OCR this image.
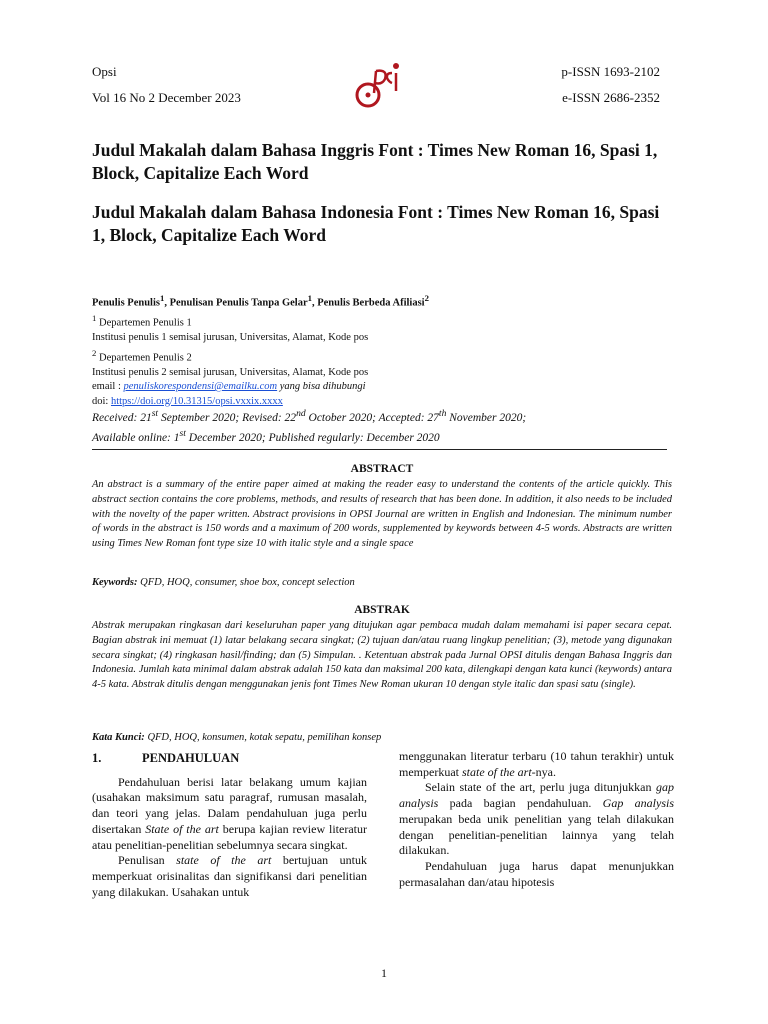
Opsi
Vol 16 No 2 December 2023
p-ISSN 1693-2102
e-ISSN 2686-2352
Judul Makalah dalam Bahasa Inggris Font : Times New Roman 16, Spasi 1, Block, Capitalize Each Word
Judul Makalah dalam Bahasa Indonesia Font : Times New Roman 16, Spasi 1, Block, Capitalize Each Word
Penulis Penulis$^1$, Penulisan Penulis Tanpa Gelar$^1$, Penulis Berbeda Afiliasi$^2$
$^1$ Departemen Penulis 1
Institusi penulis 1 semisal jurusan, Universitas, Alamat, Kode pos
$^2$ Departemen Penulis 2
Institusi penulis 2 semisal jurusan, Universitas, Alamat, Kode pos
email : penuliskorespondensi@emailku.com yang bisa dihubungi
doi: https://doi.org/10.31315/opsi.vxxix.xxxx
Received: 21st September 2020; Revised: 22nd October 2020; Accepted: 27th November 2020;
Available online: 1st December 2020; Published regularly: December 2020
ABSTRACT
An abstract is a summary of the entire paper aimed at making the reader easy to understand the contents of the article quickly. This abstract section contains the core problems, methods, and results of research that has been done. In addition, it also needs to be included with the novelty of the paper written. Abstract provisions in OPSI Journal are written in English and Indonesian. The minimum number of words in the abstract is 150 words and a maximum of 200 words, supplemented by keywords between 4-5 words. Abstracts are written using Times New Roman font type size 10 with italic style and a single space
Keywords: QFD, HOQ, consumer, shoe box, concept selection
ABSTRAK
Abstrak merupakan ringkasan dari keseluruhan paper yang ditujukan agar pembaca mudah dalam memahami isi paper secara cepat. Bagian abstrak ini memuat (1) latar belakang secara singkat; (2) tujuan dan/atau ruang lingkup penelitian; (3), metode yang digunakan secara singkat; (4) ringkasan hasil/finding; dan (5) Simpulan. . Ketentuan abstrak pada Jurnal OPSI ditulis dengan Bahasa Inggris dan Indonesia. Jumlah kata minimal dalam abstrak adalah 150 kata dan maksimal 200 kata, dilengkapi dengan kata kunci (keywords) antara 4-5 kata. Abstrak ditulis dengan menggunakan jenis font Times New Roman ukuran 10 dengan style italic dan spasi satu (single).
Kata Kunci: QFD, HOQ, konsumen, kotak sepatu, pemilihan konsep
1.	PENDAHULUAN

Pendahuluan berisi latar belakang umum kajian (usahakan maksimum satu paragraf, rumusan masalah, dan teori yang jelas. Dalam pendahuluan juga perlu disertakan State of the art berupa kajian review literatur atau penelitian-penelitian sebelumnya secara singkat.

Penulisan state of the art bertujuan untuk memperkuat orisinalitas dan signifikansi dari penelitian yang dilakukan. Usahakan untuk

menggunakan literatur terbaru (10 tahun terakhir) untuk memperkuat state of the art-nya.

Selain state of the art, perlu juga ditunjukkan gap analysis pada bagian pendahuluan. Gap analysis merupakan beda unik penelitian yang telah dilakukan dengan penelitian-penelitian lainnya yang telah dilakukan.

Pendahuluan juga harus dapat menunjukkan permasalahan dan/atau hipotesis

1
